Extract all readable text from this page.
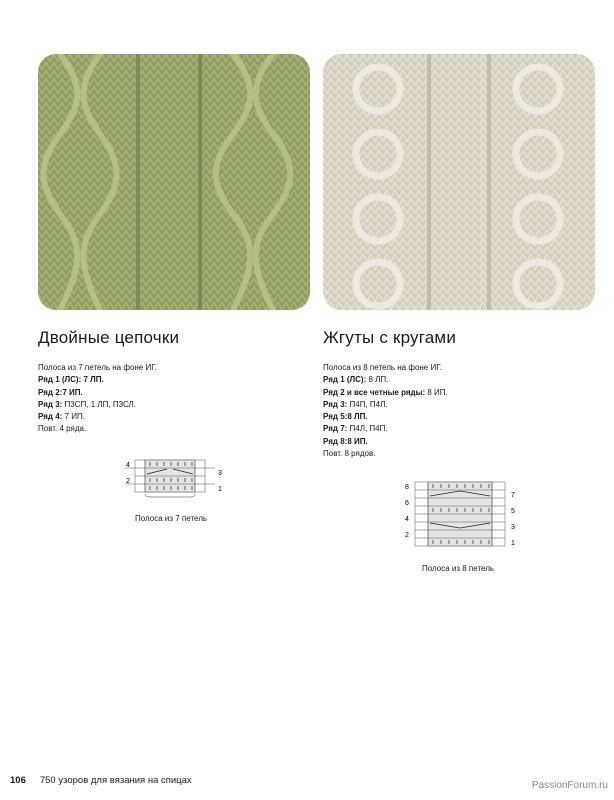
Двойные цепочки	Жгуты с кругами
Полоса из 7 петель на фоне ИГ.
Ряд 1 (ЛС): 7 ЛП.
Ряд 2:7 ИП.
Ряд 3: П3СП, 1 ЛП, П3СЛ.
Ряд 4: 7 ИП.
Повт. 4 ряда.
Полоса из 8 петель на фоне ИГ.
Ряд 1 (ЛС): 8 ЛП.
Ряд 2 и все четные ряды: 8 ИП.
Ряд 3: П4П, П4Л.
Ряд 5:8 ЛП.
Ряд 7: П4Л, П4П.
Ряд 8:8 ИП.
Повт. 8 рядов.
4
2
3
1
Полоса из 7 петель
8
6
4
2
7
5
3
1
Полоса из 8 петель
106 750 узоров для вязания на спицах	PassionForum.ru
